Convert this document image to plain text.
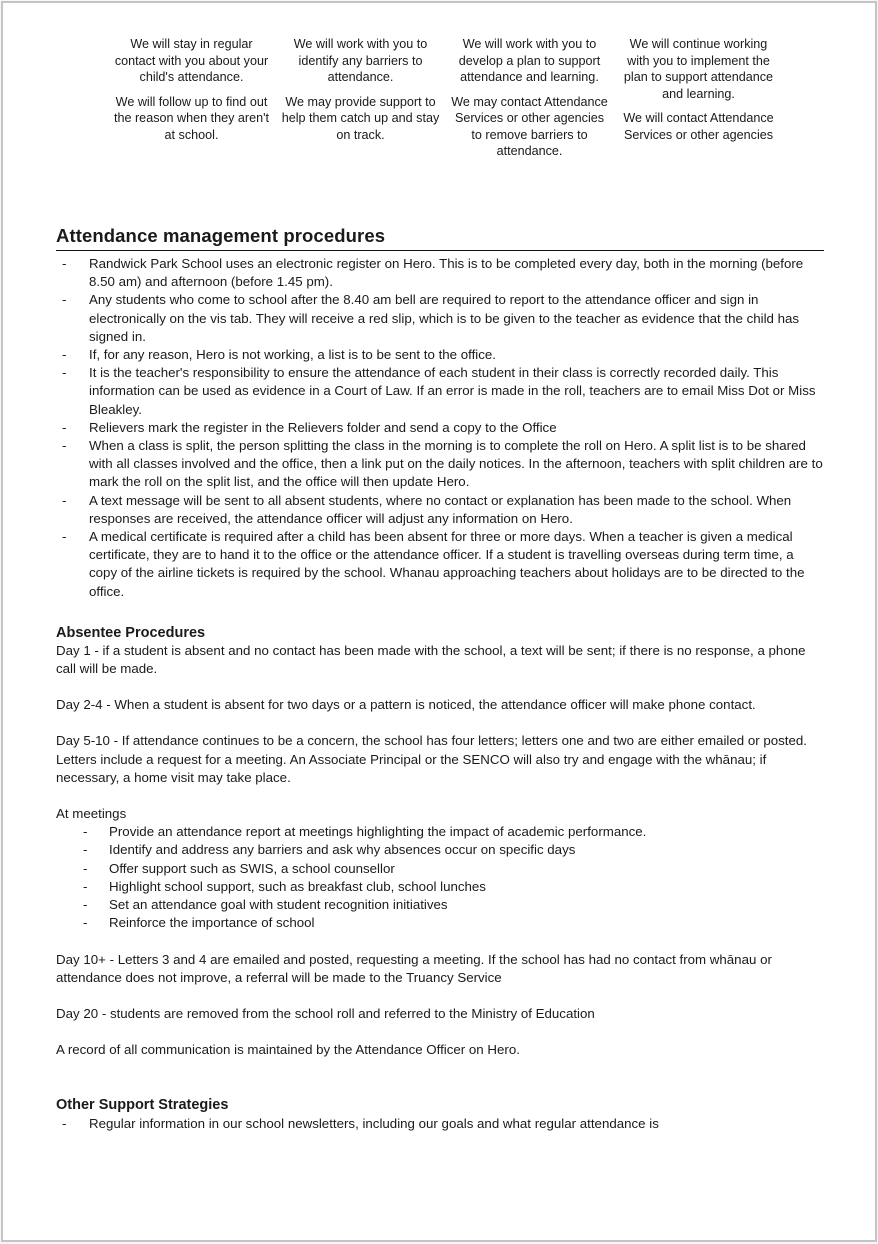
We will stay in regular contact with you about your child's attendance.

We will follow up to find out the reason when they aren't at school.

We will work with you to identify any barriers to attendance.

We may provide support to help them catch up and stay on track.

We will work with you to develop a plan to support attendance and learning.

We may contact Attendance Services or other agencies to remove barriers to attendance.

We will continue working with you to implement the plan to support attendance and learning.

We will contact Attendance Services or other agencies

Attendance management procedures
- Randwick Park School uses an electronic register on Hero. This is to be completed every day, both in the morning (before 8.50 am) and afternoon (before 1.45 pm).
- Any students who come to school after the 8.40 am bell are required to report to the attendance officer and sign in electronically on the vis tab. They will receive a red slip, which is to be given to the teacher as evidence that the child has signed in.
- If, for any reason, Hero is not working, a list is to be sent to the office.
- It is the teacher's responsibility to ensure the attendance of each student in their class is correctly recorded daily. This information can be used as evidence in a Court of Law. If an error is made in the roll, teachers are to email Miss Dot or Miss Bleakley.
- Relievers mark the register in the Relievers folder and send a copy to the Office
- When a class is split, the person splitting the class in the morning is to complete the roll on Hero. A split list is to be shared with all classes involved and the office, then a link put on the daily notices. In the afternoon, teachers with split children are to mark the roll on the split list, and the office will then update Hero.
- A text message will be sent to all absent students, where no contact or explanation has been made to the school. When responses are received, the attendance officer will adjust any information on Hero.
- A medical certificate is required after a child has been absent for three or more days. When a teacher is given a medical certificate, they are to hand it to the office or the attendance officer. If a student is travelling overseas during term time, a copy of the airline tickets is required by the school. Whanau approaching teachers about holidays are to be directed to the office.
Absentee Procedures

Day 1 - if a student is absent and no contact has been made with the school, a text will be sent; if there is no response, a phone call will be made.

Day 2-4 - When a student is absent for two days or a pattern is noticed, the attendance officer will make phone contact.

Day 5-10 - If attendance continues to be a concern, the school has four letters; letters one and two are either emailed or posted. Letters include a request for a meeting. An Associate Principal or the SENCO will also try and engage with the whānau; if necessary, a home visit may take place.

At meetings

- Provide an attendance report at meetings highlighting the impact of academic performance.
- Identify and address any barriers and ask why absences occur on specific days
- Offer support such as SWIS, a school counsellor
- Highlight school support, such as breakfast club, school lunches
- Set an attendance goal with student recognition initiatives
- Reinforce the importance of school

Day 10+ - Letters 3 and 4 are emailed and posted, requesting a meeting. If the school has had no contact from whānau or attendance does not improve, a referral will be made to the Truancy Service

Day 20 - students are removed from the school roll and referred to the Ministry of Education

A record of all communication is maintained by the Attendance Officer on Hero.

Other Support Strategies
- Regular information in our school newsletters, including our goals and what regular attendance is
